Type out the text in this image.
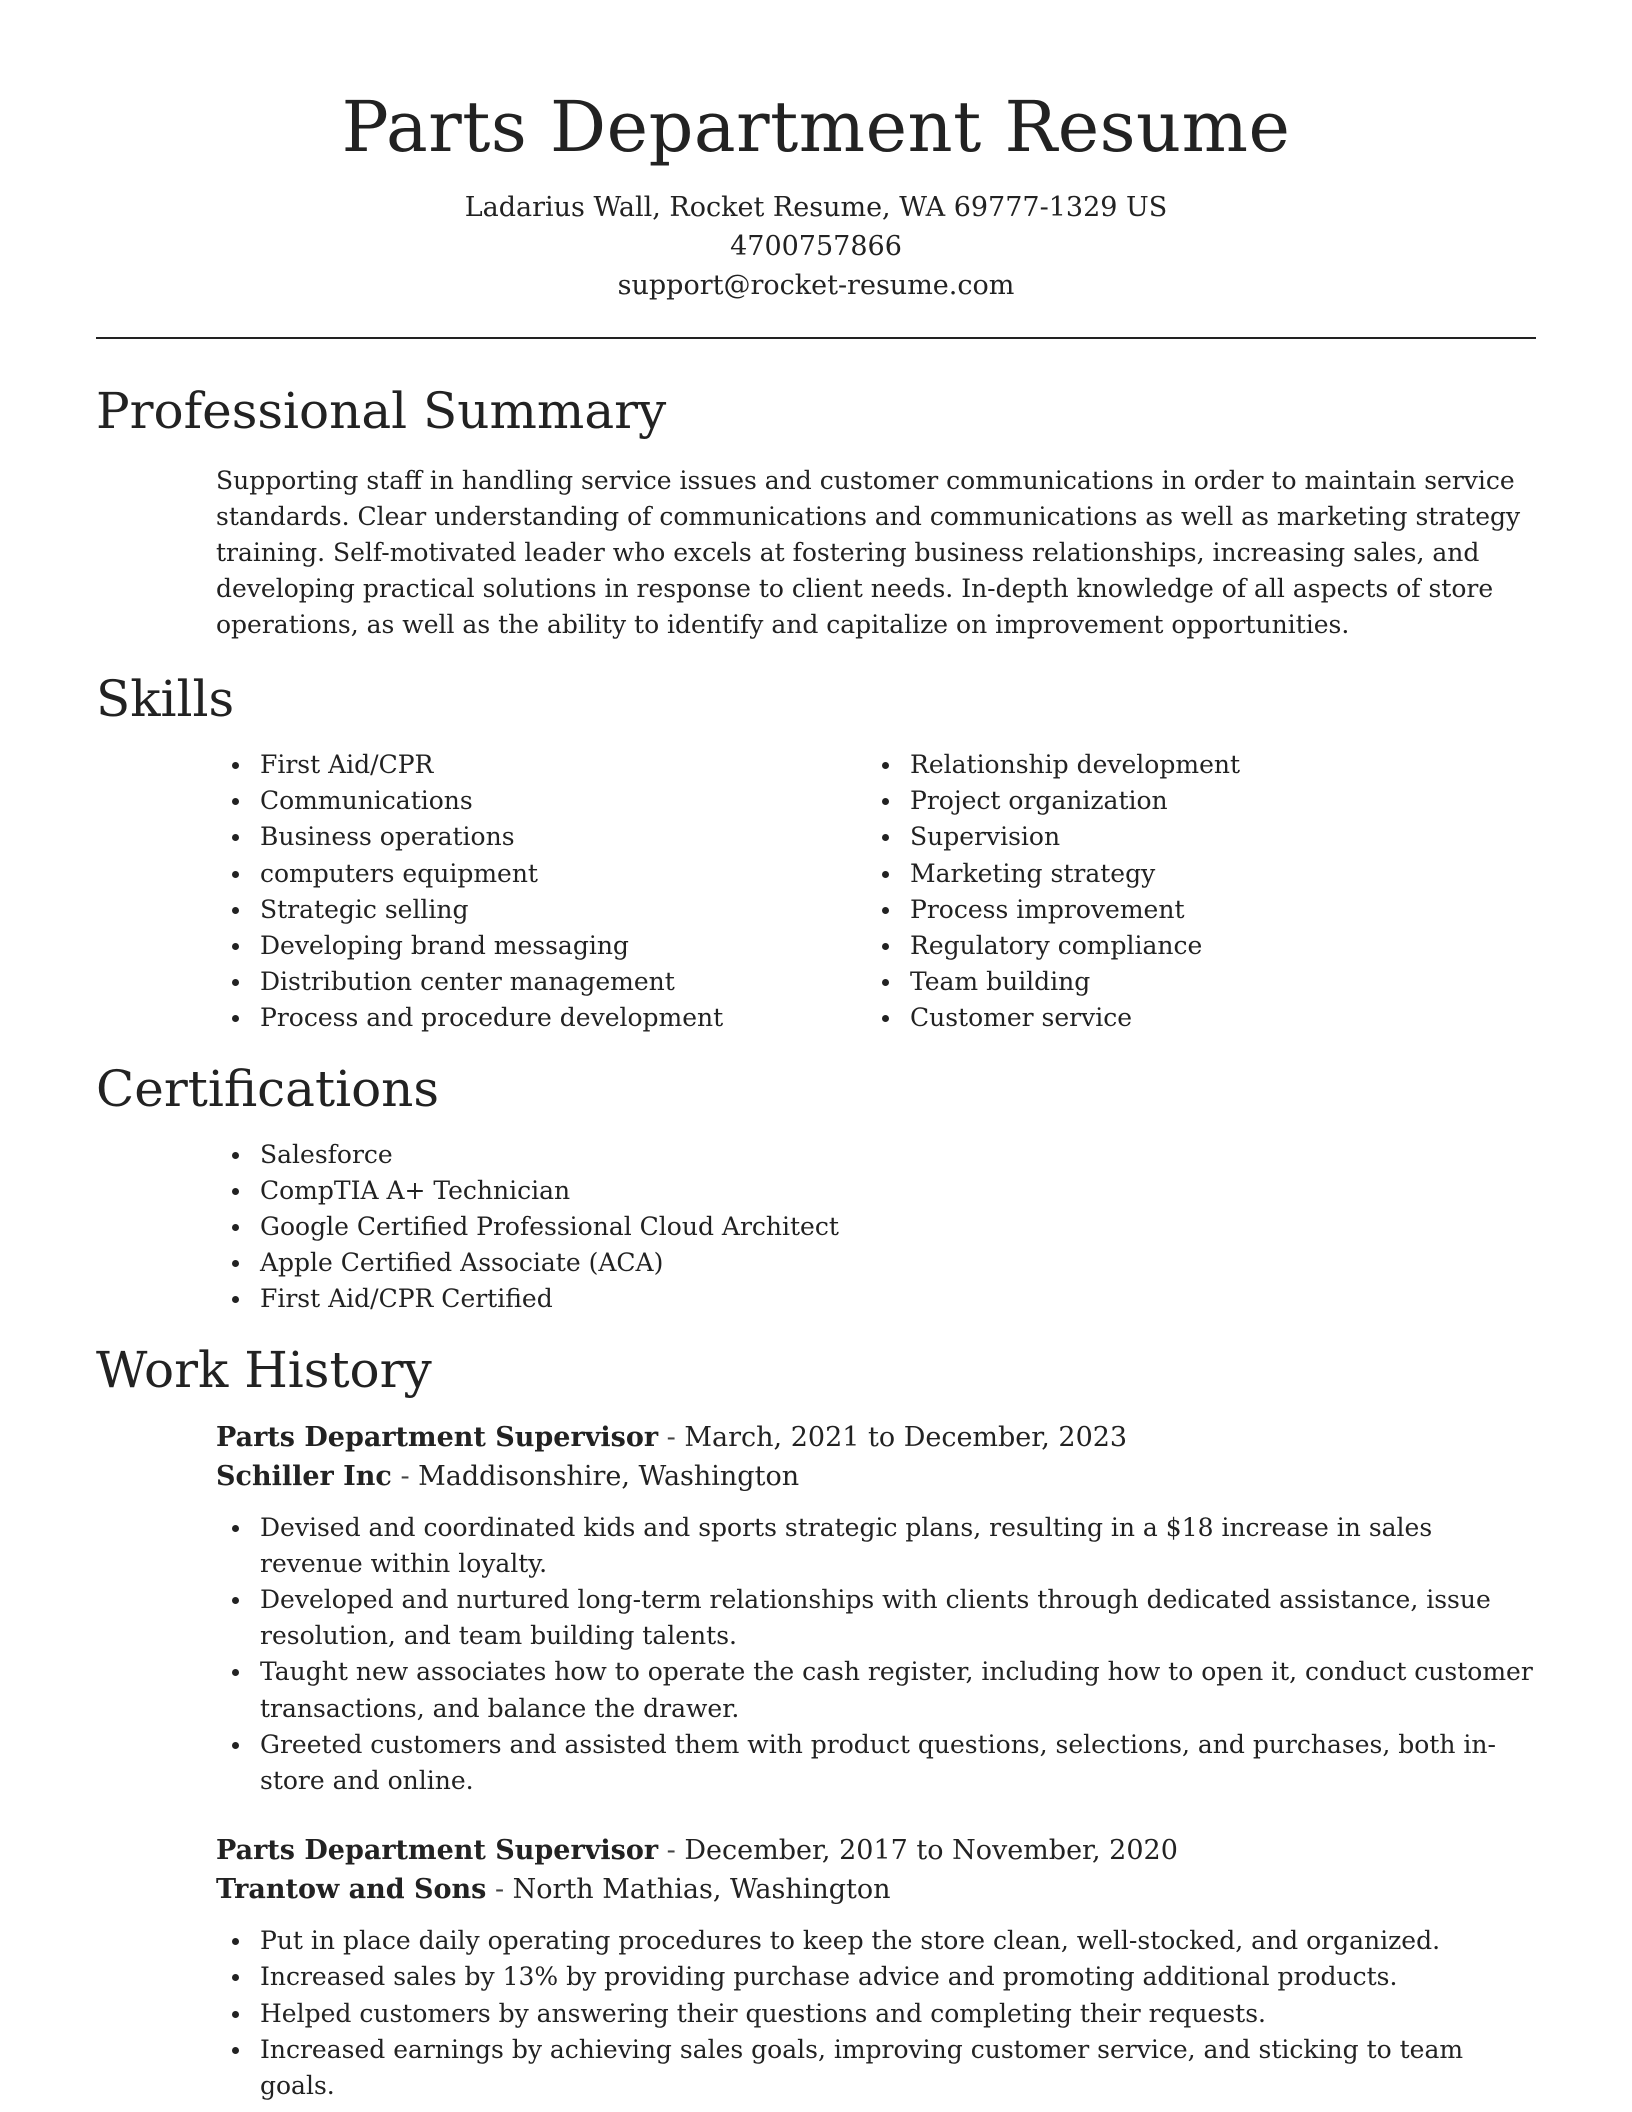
Parts Department Resume
Ladarius Wall, Rocket Resume, WA 69777-1329 US
4700757866
support@rocket-resume.com
Professional Summary

Supporting staff in handling service issues and customer communications in order to maintain service standards. Clear understanding of communications and communications as well as marketing strategy training. Self-motivated leader who excels at fostering business relationships, increasing sales, and developing practical solutions in response to client needs. In-depth knowledge of all aspects of store operations, as well as the ability to identify and capitalize on improvement opportunities.

Skills
First Aid/CPR
Communications
Business operations
computers equipment
Strategic selling
Developing brand messaging
Distribution center management
Process and procedure development
Relationship development
Project organization
Supervision
Marketing strategy
Process improvement
Regulatory compliance
Team building
Customer service
Certifications
Salesforce
CompTIA A+ Technician
Google Certified Professional Cloud Architect
Apple Certified Associate (ACA)
First Aid/CPR Certified
Work History
Parts Department Supervisor - March, 2021 to December, 2023
Schiller Inc - Maddisonshire, Washington
Devised and coordinated kids and sports strategic plans, resulting in a $18 increase in sales revenue within loyalty.
Developed and nurtured long-term relationships with clients through dedicated assistance, issue resolution, and team building talents.
Taught new associates how to operate the cash register, including how to open it, conduct customer transactions, and balance the drawer.
Greeted customers and assisted them with product questions, selections, and purchases, both in-store and online.
Parts Department Supervisor - December, 2017 to November, 2020
Trantow and Sons - North Mathias, Washington
Put in place daily operating procedures to keep the store clean, well-stocked, and organized.
Increased sales by 13% by providing purchase advice and promoting additional products.
Helped customers by answering their questions and completing their requests.
Increased earnings by achieving sales goals, improving customer service, and sticking to team goals.
